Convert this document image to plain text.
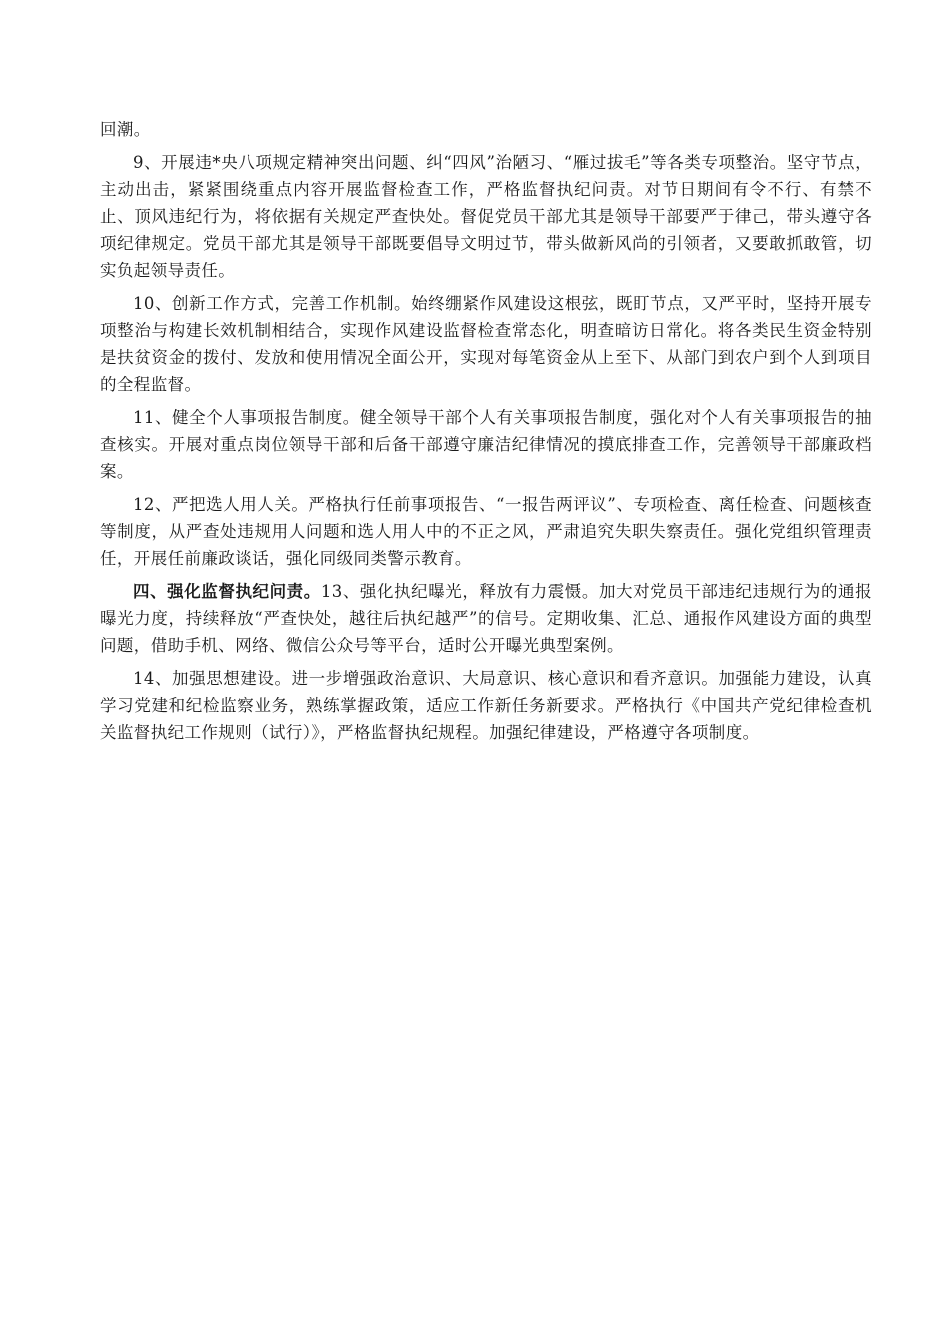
回潮。

9、开展违*央八项规定精神突出问题、纠“四风”治陋习、“雁过拔毛”等各类专项整治。坚守节点，主动出击，紧紧围绕重点内容开展监督检查工作，严格监督执纪问责。对节日期间有令不行、有禁不止、顶风违纪行为，将依据有关规定严查快处。督促党员干部尤其是领导干部要严于律己，带头遵守各项纪律规定。党员干部尤其是领导干部既要倡导文明过节，带头做新风尚的引领者，又要敢抓敢管，切实负起领导责任。

10、创新工作方式，完善工作机制。始终绷紧作风建设这根弦，既盯节点，又严平时，坚持开展专项整治与构建长效机制相结合，实现作风建设监督检查常态化，明查暗访日常化。将各类民生资金特别是扶贫资金的拨付、发放和使用情况全面公开，实现对每笔资金从上至下、从部门到农户到个人到项目的全程监督。

11、健全个人事项报告制度。健全领导干部个人有关事项报告制度，强化对个人有关事项报告的抽查核实。开展对重点岗位领导干部和后备干部遵守廉洁纪律情况的摸底排查工作，完善领导干部廉政档案。

12、严把选人用人关。严格执行任前事项报告、“一报告两评议”、专项检查、离任检查、问题核查等制度，从严查处违规用人问题和选人用人中的不正之风，严肃追究失职失察责任。强化党组织管理责任，开展任前廉政谈话，强化同级同类警示教育。

四、强化监督执纪问责。13、强化执纪曝光，释放有力震慑。加大对党员干部违纪违规行为的通报曝光力度，持续释放“严查快处，越往后执纪越严”的信号。定期收集、汇总、通报作风建设方面的典型问题，借助手机、网络、微信公众号等平台，适时公开曝光典型案例。

14、加强思想建设。进一步增强政治意识、大局意识、核心意识和看齐意识。加强能力建设，认真学习党建和纪检监察业务，熟练掌握政策，适应工作新任务新要求。严格执行《中国共产党纪律检查机关监督执纪工作规则（试行）》，严格监督执纪规程。加强纪律建设，严格遵守各项制度。
